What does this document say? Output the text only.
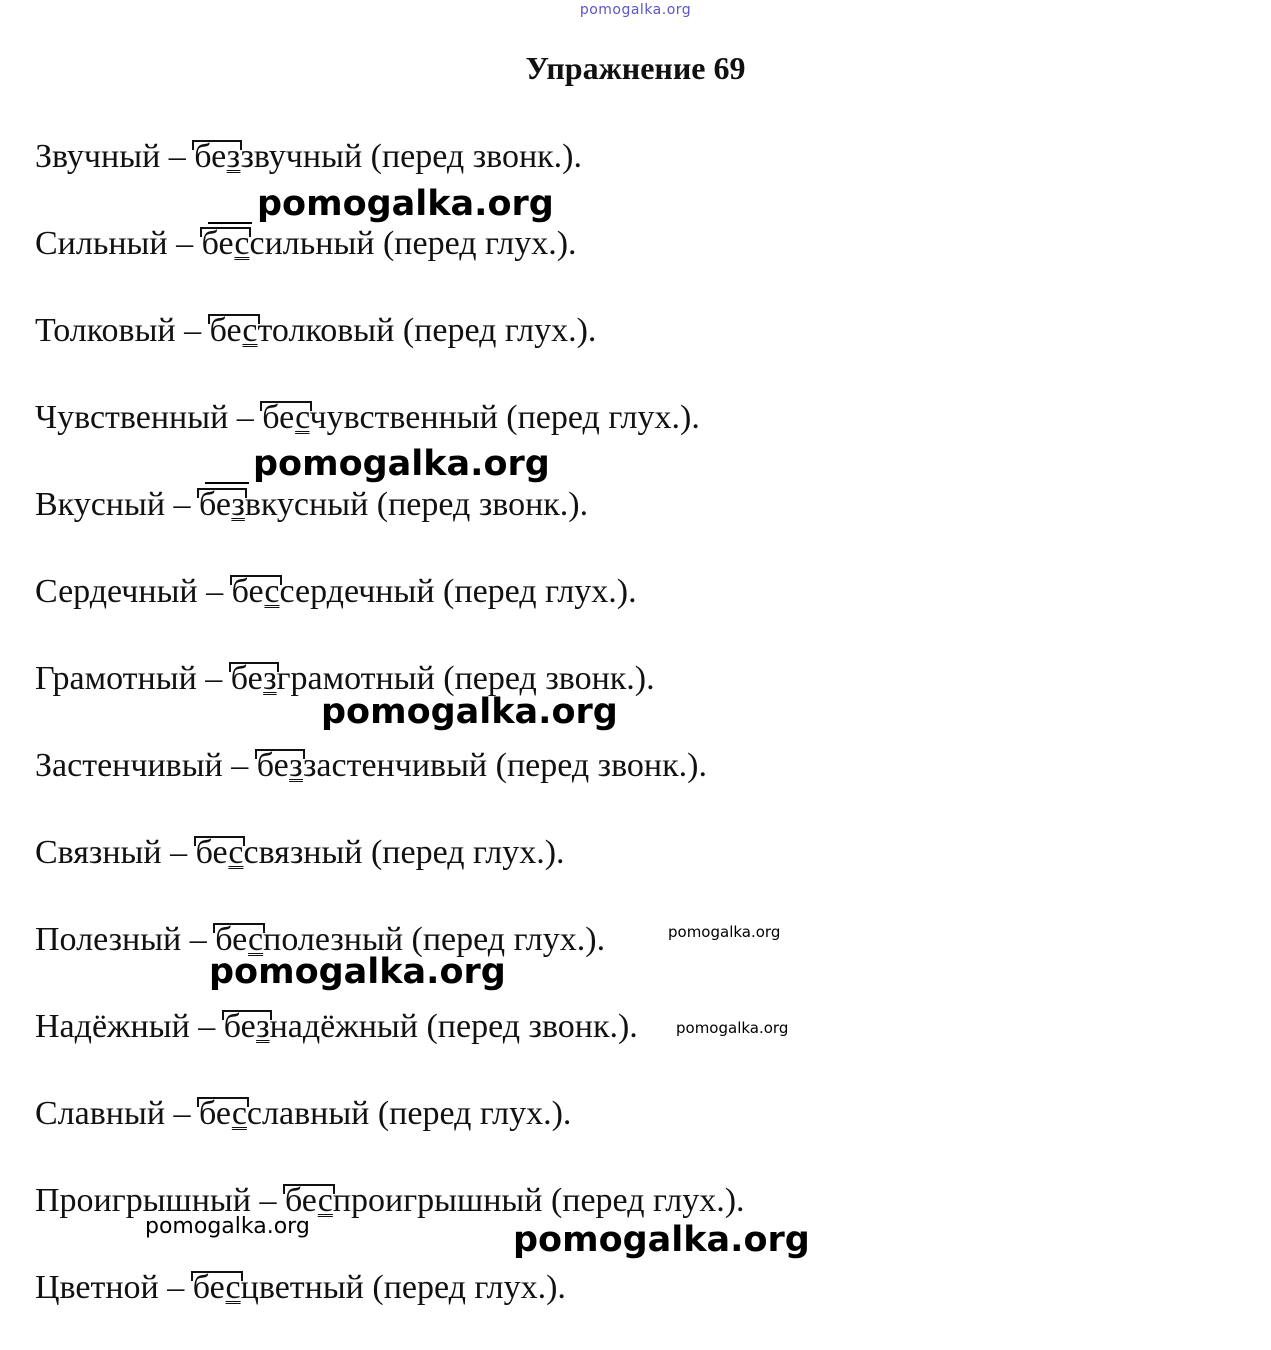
pomogalka.org
Упражнение 69
Звучный –
беззвучный (перед звонк.).
Сильный –
бессильный (перед глух.).
Толковый –
бестолковый (перед глух.).
Чувственный –
бесчувственный (перед глух.).
Вкусный –
безвкусный (перед звонк.).
Сердечный –
бессердечный (перед глух.).
Грамотный –
безграмотный (перед звонк.).
Застенчивый –
беззастенчивый (перед звонк.).
Связный –
бессвязный (перед глух.).
Полезный –
бесполезный (перед глух.).
Надёжный –
безнадёжный (перед звонк.).
Славный –
бесславный (перед глух.).
Проигрышный –
беспроигрышный (перед глух.).
Цветной –
бесцветный (перед глух.).
pomogalka.org
pomogalka.org
pomogalka.org
pomogalka.org
pomogalka.org
pomogalka.org
pomogalka.org	pomogalka.org
